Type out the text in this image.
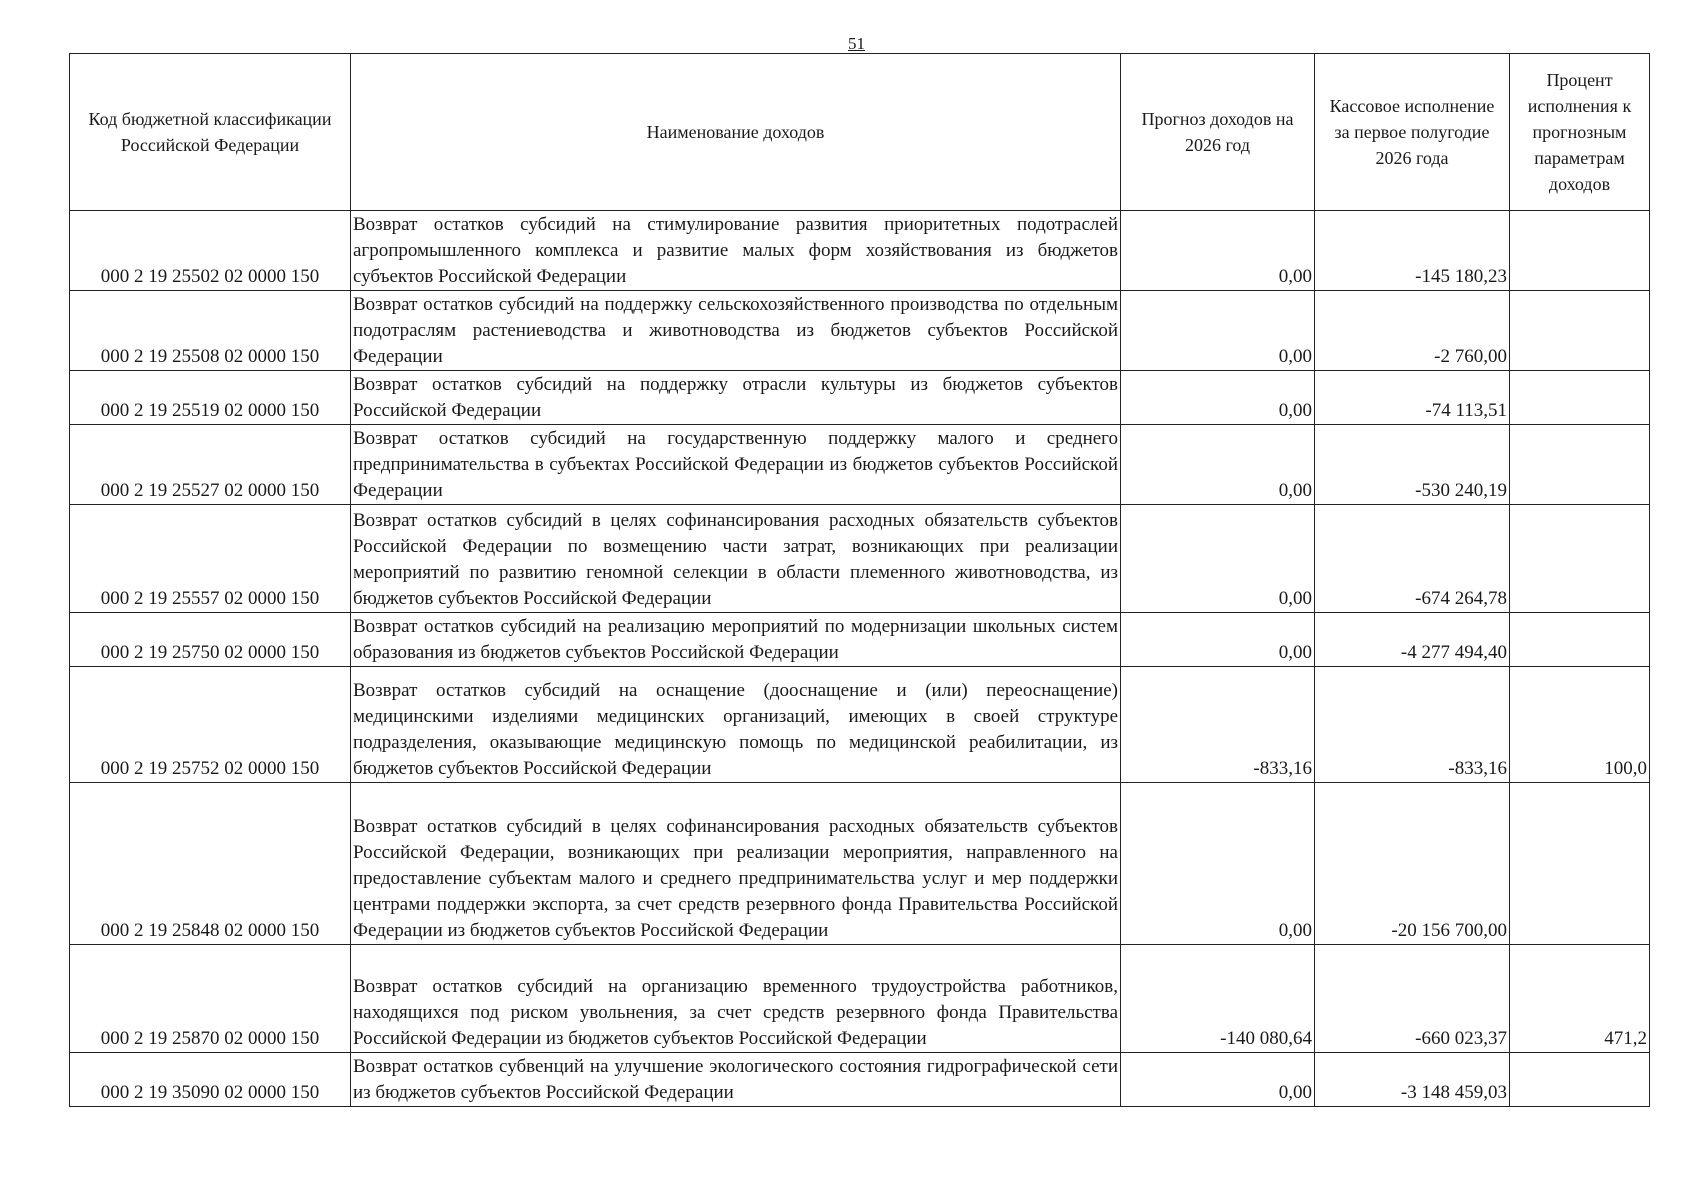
51
Код бюджетной классификации Российской Федерации	Наименование доходов	Прогноз доходов на 2026 год	Кассовое исполнение за первое полугодие 2026 года	Процент исполнения к прогнозным параметрам доходов
000 2 19 25502 02 0000 150	Возврат остатков субсидий на стимулирование развития приоритетных подотраслей агропромышленного комплекса и развитие малых форм хозяйствования из бюджетов субъектов Российской Федерации	0,00	-145 180,23	
000 2 19 25508 02 0000 150	Возврат остатков субсидий на поддержку сельскохозяйственного производства по отдельным подотраслям растениеводства и животноводства из бюджетов субъектов Российской Федерации	0,00	-2 760,00	
000 2 19 25519 02 0000 150	Возврат остатков субсидий на поддержку отрасли культуры из бюджетов субъектов Российской Федерации	0,00	-74 113,51	
000 2 19 25527 02 0000 150	Возврат остатков субсидий на государственную поддержку малого и среднего предпринимательства в субъектах Российской Федерации из бюджетов субъектов Российской Федерации	0,00	-530 240,19	
000 2 19 25557 02 0000 150	Возврат остатков субсидий в целях софинансирования расходных обязательств субъектов Российской Федерации по возмещению части затрат, возникающих при реализации мероприятий по развитию геномной селекции в области племенного животноводства, из бюджетов субъектов Российской Федерации	0,00	-674 264,78	
000 2 19 25750 02 0000 150	Возврат остатков субсидий на реализацию мероприятий по модернизации школьных систем образования из бюджетов субъектов Российской Федерации	0,00	-4 277 494,40	
000 2 19 25752 02 0000 150	Возврат остатков субсидий на оснащение (дооснащение и (или) переоснащение) медицинскими изделиями медицинских организаций, имеющих в своей структуре подразделения, оказывающие медицинскую помощь по медицинской реабилитации, из бюджетов субъектов Российской Федерации	-833,16	-833,16	100,0
000 2 19 25848 02 0000 150	Возврат остатков субсидий в целях софинансирования расходных обязательств субъектов Российской Федерации, возникающих при реализации мероприятия, направленного на предоставление субъектам малого и среднего предпринимательства услуг и мер поддержки центрами поддержки экспорта, за счет средств резервного фонда Правительства Российской Федерации из бюджетов субъектов Российской Федерации	0,00	-20 156 700,00	
000 2 19 25870 02 0000 150	Возврат остатков субсидий на организацию временного трудоустройства работников, находящихся под риском увольнения, за счет средств резервного фонда Правительства Российской Федерации из бюджетов субъектов Российской Федерации	-140 080,64	-660 023,37	471,2
000 2 19 35090 02 0000 150	Возврат остатков субвенций на улучшение экологического состояния гидрографической сети из бюджетов субъектов Российской Федерации	0,00	-3 148 459,03	
